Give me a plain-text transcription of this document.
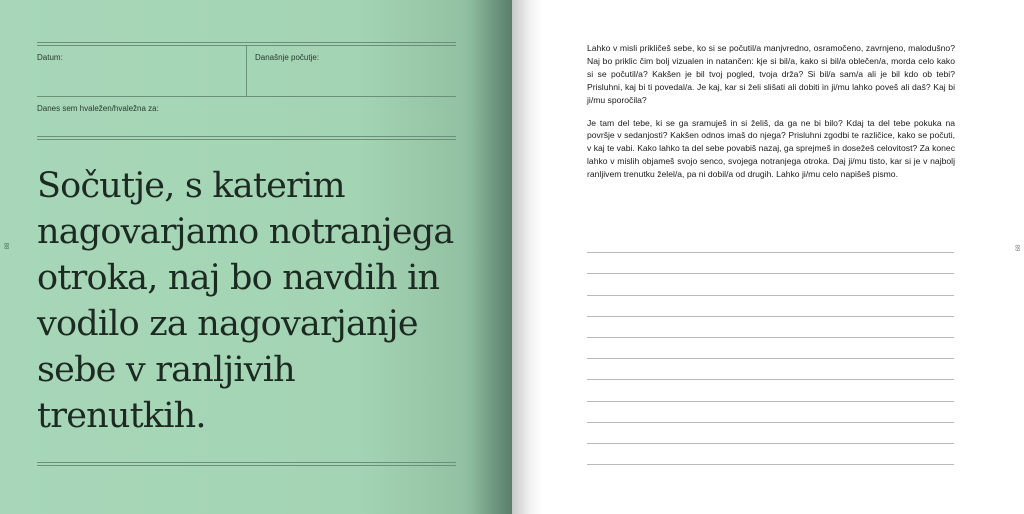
Datum:	Današnje počutje:
Danes sem hvaležen/hvaležna za:
Sočutje, s katerim
nagovarjamo notranjega
otroka, naj bo navdih in
vodilo za nagovarjanje
sebe v ranljivih trenutkih.
88

Lahko v misli prikličeš sebe, ko si se počutil/a manjvredno, osramočeno, zavrnjeno, malodušno? Naj bo priklic čim bolj vizualen in natančen: kje si bil/a, kako si bil/a oblečen/a, morda celo kako si se počutil/a? Kakšen je bil tvoj pogled, tvoja drža? Si bil/a sam/a ali je bil kdo ob tebi? Prisluhni, kaj bi ti povedal/a. Je kaj, kar si želi slišati ali dobiti in ji/mu lahko poveš ali daš? Kaj bi ji/mu sporočila?

Je tam del tebe, ki se ga sramuješ in si želiš, da ga ne bi bilo? Kdaj ta del tebe pokuka na površje v sedanjosti? Kakšen odnos imaš do njega? Prisluhni zgodbi te različice, kako se počuti, v kaj te vabi. Kako lahko ta del sebe povabiš nazaj, ga sprejmeš in dosežeš celovitost? Za konec lahko v mislih objameš svojo senco, svojega notranjega otroka. Daj ji/mu tisto, kar si je v najbolj ranljivem trenutku želel/a, pa ni dobil/a od drugih. Lahko ji/mu celo napišeš pismo.

89
